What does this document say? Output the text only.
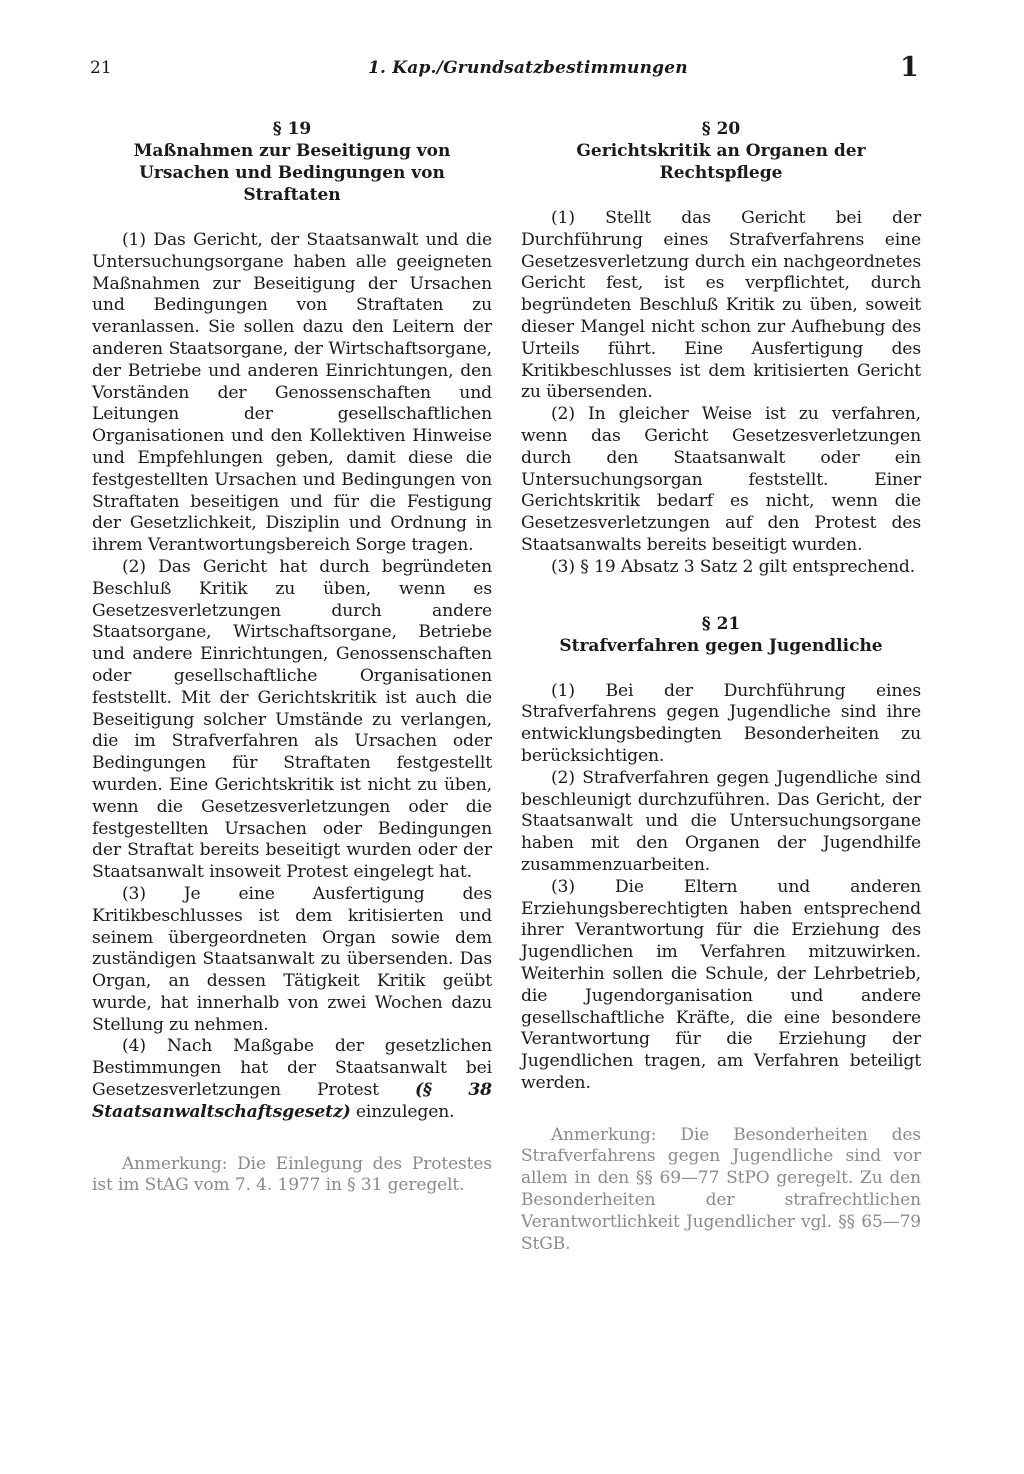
21	1. Kap./Grundsatzbestimmungen	1
§ 19
Maßnahmen zur Beseitigung von Ursachen und Bedingungen von Straftaten

(1) Das Gericht, der Staatsanwalt und die Untersuchungsorgane haben alle geeigneten Maßnahmen zur Beseitigung der Ursachen und Bedingungen von Straftaten zu veranlassen. Sie sollen dazu den Leitern der anderen Staatsorgane, der Wirtschaftsorgane, der Betriebe und anderen Einrichtungen, den Vorständen der Genossenschaften und Leitungen der gesellschaftlichen Organisationen und den Kollektiven Hinweise und Empfehlungen geben, damit diese die festgestellten Ursachen und Bedingungen von Straftaten beseitigen und für die Festigung der Gesetzlichkeit, Disziplin und Ordnung in ihrem Verantwortungsbereich Sorge tragen.

(2) Das Gericht hat durch begründeten Beschluß Kritik zu üben, wenn es Gesetzesverletzungen durch andere Staatsorgane, Wirtschaftsorgane, Betriebe und andere Einrichtungen, Genossenschaften oder gesellschaftliche Organisationen feststellt. Mit der Gerichtskritik ist auch die Beseitigung solcher Umstände zu verlangen, die im Strafverfahren als Ursachen oder Bedingungen für Straftaten festgestellt wurden. Eine Gerichtskritik ist nicht zu üben, wenn die Gesetzesverletzungen oder die festgestellten Ursachen oder Bedingungen der Straftat bereits beseitigt wurden oder der Staatsanwalt insoweit Protest eingelegt hat.

(3) Je eine Ausfertigung des Kritikbeschlusses ist dem kritisierten und seinem übergeordneten Organ sowie dem zuständigen Staatsanwalt zu übersenden. Das Organ, an dessen Tätigkeit Kritik geübt wurde, hat innerhalb von zwei Wochen dazu Stellung zu nehmen.

(4) Nach Maßgabe der gesetzlichen Bestimmungen hat der Staatsanwalt bei Gesetzesverletzungen Protest (§ 38 Staatsanwaltschaftsgesetz) einzulegen.

Anmerkung: Die Einlegung des Protestes ist im StAG vom 7. 4. 1977 in § 31 geregelt.

§ 20
Gerichtskritik an Organen der Rechtspflege

(1) Stellt das Gericht bei der Durchführung eines Strafverfahrens eine Gesetzesverletzung durch ein nachgeordnetes Gericht fest, ist es verpflichtet, durch begründeten Beschluß Kritik zu üben, soweit dieser Mangel nicht schon zur Aufhebung des Urteils führt. Eine Ausfertigung des Kritikbeschlusses ist dem kritisierten Gericht zu übersenden.

(2) In gleicher Weise ist zu verfahren, wenn das Gericht Gesetzesverletzungen durch den Staatsanwalt oder ein Untersuchungsorgan feststellt. Einer Gerichtskritik bedarf es nicht, wenn die Gesetzesverletzungen auf den Protest des Staatsanwalts bereits beseitigt wurden.

(3) § 19 Absatz 3 Satz 2 gilt entsprechend.

§ 21
Strafverfahren gegen Jugendliche

(1) Bei der Durchführung eines Strafverfahrens gegen Jugendliche sind ihre entwicklungsbedingten Besonderheiten zu berücksichtigen.

(2) Strafverfahren gegen Jugendliche sind beschleunigt durchzuführen. Das Gericht, der Staatsanwalt und die Untersuchungsorgane haben mit den Organen der Jugendhilfe zusammenzuarbeiten.

(3) Die Eltern und anderen Erziehungsberechtigten haben entsprechend ihrer Verantwortung für die Erziehung des Jugendlichen im Verfahren mitzuwirken. Weiterhin sollen die Schule, der Lehrbetrieb, die Jugendorganisation und andere gesellschaftliche Kräfte, die eine besondere Verantwortung für die Erziehung der Jugendlichen tragen, am Verfahren beteiligt werden.

Anmerkung: Die Besonderheiten des Strafverfahrens gegen Jugendliche sind vor allem in den §§ 69—77 StPO geregelt. Zu den Besonderheiten der strafrechtlichen Verantwortlichkeit Jugendlicher vgl. §§ 65—79 StGB.
